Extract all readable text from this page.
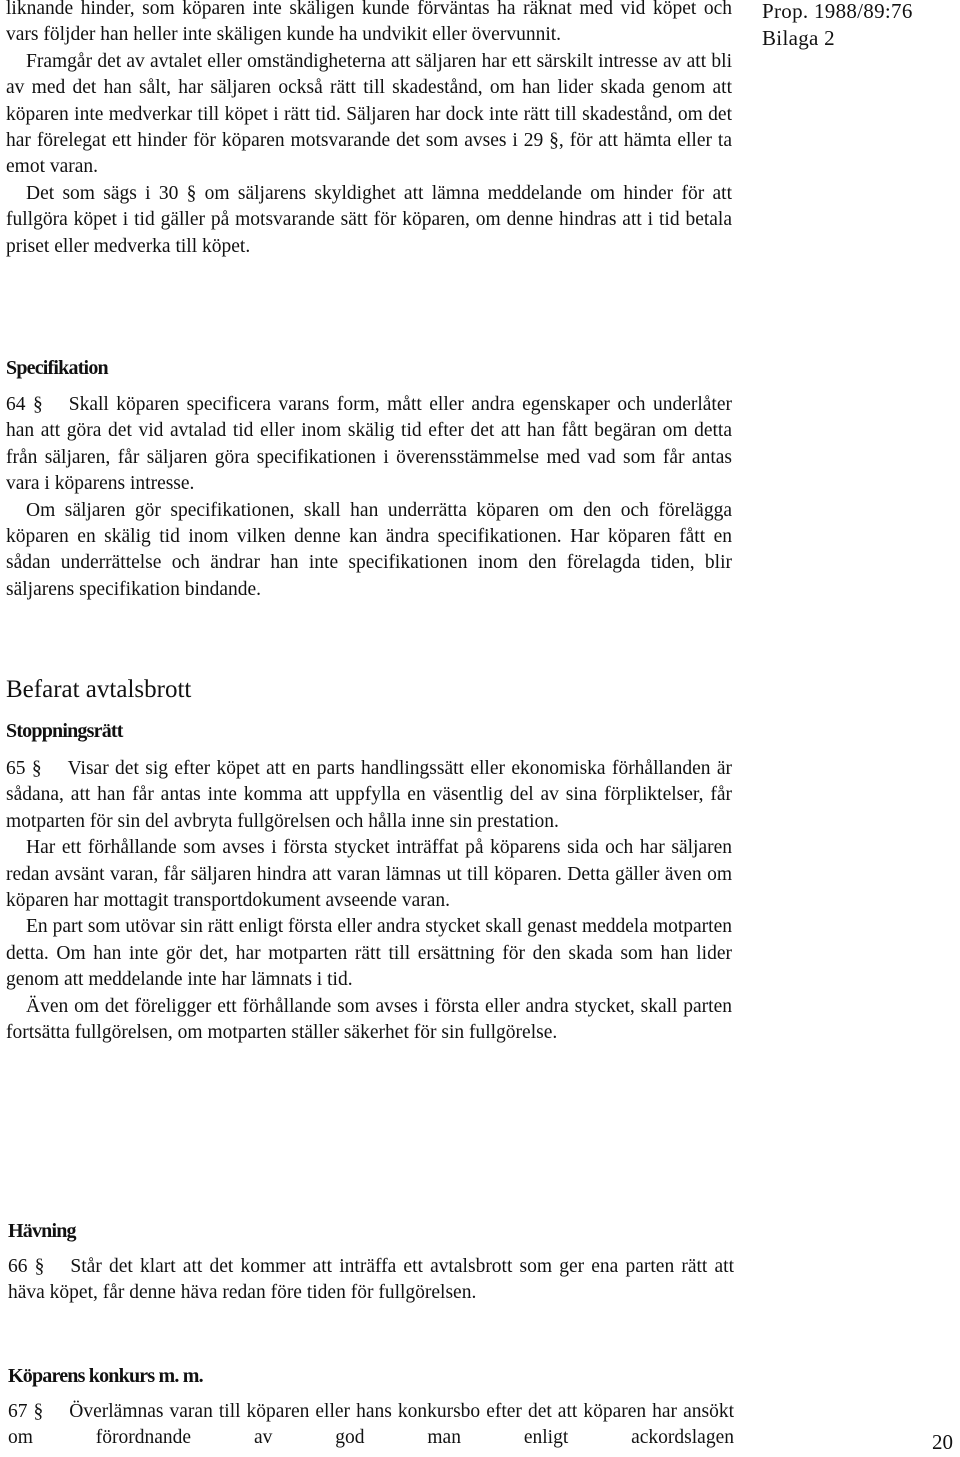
Prop. 1988/89:76
Bilaga 2

liknande hinder, som köparen inte skäligen kunde förväntas ha räknat med vid köpet och vars följder han heller inte skäligen kunde ha undvikit eller övervunnit.

Framgår det av avtalet eller omständigheterna att säljaren har ett särskilt intresse av att bli av med det han sålt, har säljaren också rätt till skadestånd, om han lider skada genom att köparen inte medverkar till köpet i rätt tid. Säljaren har dock inte rätt till skadestånd, om det har förelegat ett hinder för köparen motsvarande det som avses i 29 §, för att hämta eller ta emot varan.

Det som sägs i 30 § om säljarens skyldighet att lämna meddelande om hinder för att fullgöra köpet i tid gäller på motsvarande sätt för köparen, om denne hindras att i tid betala priset eller medverka till köpet.

Specifikation

64 § Skall köparen specificera varans form, mått eller andra egenskaper och underlåter han att göra det vid avtalad tid eller inom skälig tid efter det att han fått begäran om detta från säljaren, får säljaren göra specifikationen i överensstämmelse med vad som får antas vara i köparens intresse.

Om säljaren gör specifikationen, skall han underrätta köparen om den och förelägga köparen en skälig tid inom vilken denne kan ändra specifikationen. Har köparen fått en sådan underrättelse och ändrar han inte specifikationen inom den förelagda tiden, blir säljarens specifikation bindande.

Befarat avtalsbrott
Stoppningsrätt

65 § Visar det sig efter köpet att en parts handlingssätt eller ekonomiska förhållanden är sådana, att han får antas inte komma att uppfylla en väsentlig del av sina förpliktelser, får motparten för sin del avbryta fullgörelsen och hålla inne sin prestation.

Har ett förhållande som avses i första stycket inträffat på köparens sida och har säljaren redan avsänt varan, får säljaren hindra att varan lämnas ut till köparen. Detta gäller även om köparen har mottagit transportdokument avseende varan.

En part som utövar sin rätt enligt första eller andra stycket skall genast meddela motparten detta. Om han inte gör det, har motparten rätt till ersättning för den skada som han lider genom att meddelande inte har lämnats i tid.

Även om det föreligger ett förhållande som avses i första eller andra stycket, skall parten fortsätta fullgörelsen, om motparten ställer säkerhet för sin fullgörelse.

Hävning

66 § Står det klart att det kommer att inträffa ett avtalsbrott som ger ena parten rätt att häva köpet, får denne häva redan före tiden för fullgörelsen.

Köparens konkurs m. m.

67 § Överlämnas varan till köparen eller hans konkursbo efter det att köparen har ansökt om förordnande av god man enligt ackordslagen	20
